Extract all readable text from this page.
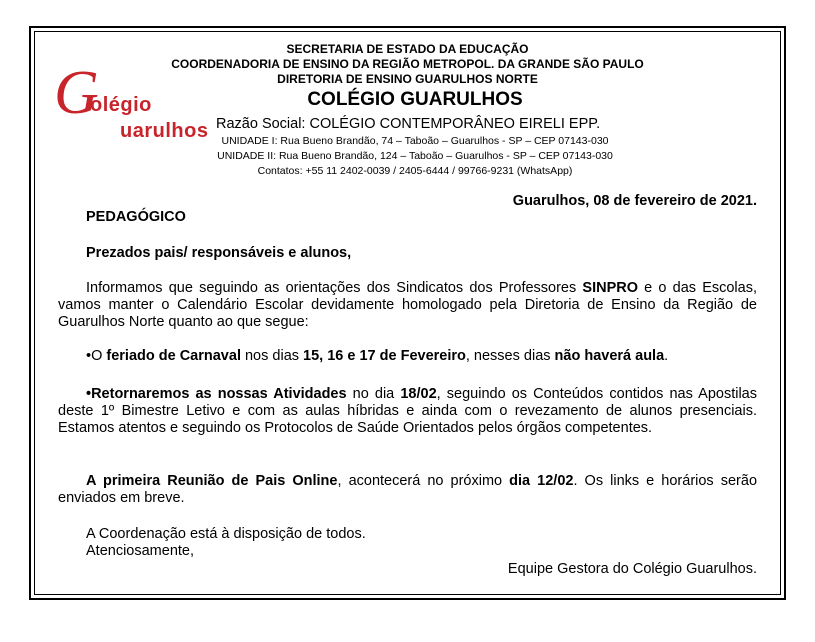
SECRETARIA DE ESTADO DA EDUCAÇÃO
COORDENADORIA DE ENSINO DA REGIÃO METROPOL. DA GRANDE SÃO PAULO
DIRETORIA DE ENSINO GUARULHOS NORTE
G
olégio
uarulhos
COLÉGIO GUARULHOS
Razão Social: COLÉGIO CONTEMPORÂNEO EIRELI EPP.
UNIDADE I: Rua Bueno Brandão, 74 – Taboão – Guarulhos - SP – CEP 07143-030
UNIDADE II: Rua Bueno Brandão, 124 – Taboão – Guarulhos - SP – CEP 07143-030
Contatos: +55 11 2402-0039 / 2405-6444 / 99766-9231 (WhatsApp)
Guarulhos, 08 de fevereiro de 2021.
PEDAGÓGICO
Prezados pais/ responsáveis e alunos,
Informamos que seguindo as orientações dos Sindicatos dos Professores SINPRO e o das Escolas, vamos manter o Calendário Escolar devidamente homologado pela Diretoria de Ensino da Região de Guarulhos Norte quanto ao que segue:
•O feriado de Carnaval nos dias 15, 16 e 17 de Fevereiro, nesses dias não haverá aula.
•Retornaremos as nossas Atividades no dia 18/02, seguindo os Conteúdos contidos nas Apostilas deste 1º Bimestre Letivo e com as aulas híbridas e ainda com o revezamento de alunos presenciais. Estamos atentos e seguindo os Protocolos de Saúde Orientados pelos órgãos competentes.
A primeira Reunião de Pais Online, acontecerá no próximo dia 12/02. Os links e horários serão enviados em breve.
A Coordenação está à disposição de todos.
Atenciosamente,
Equipe Gestora do Colégio Guarulhos.
